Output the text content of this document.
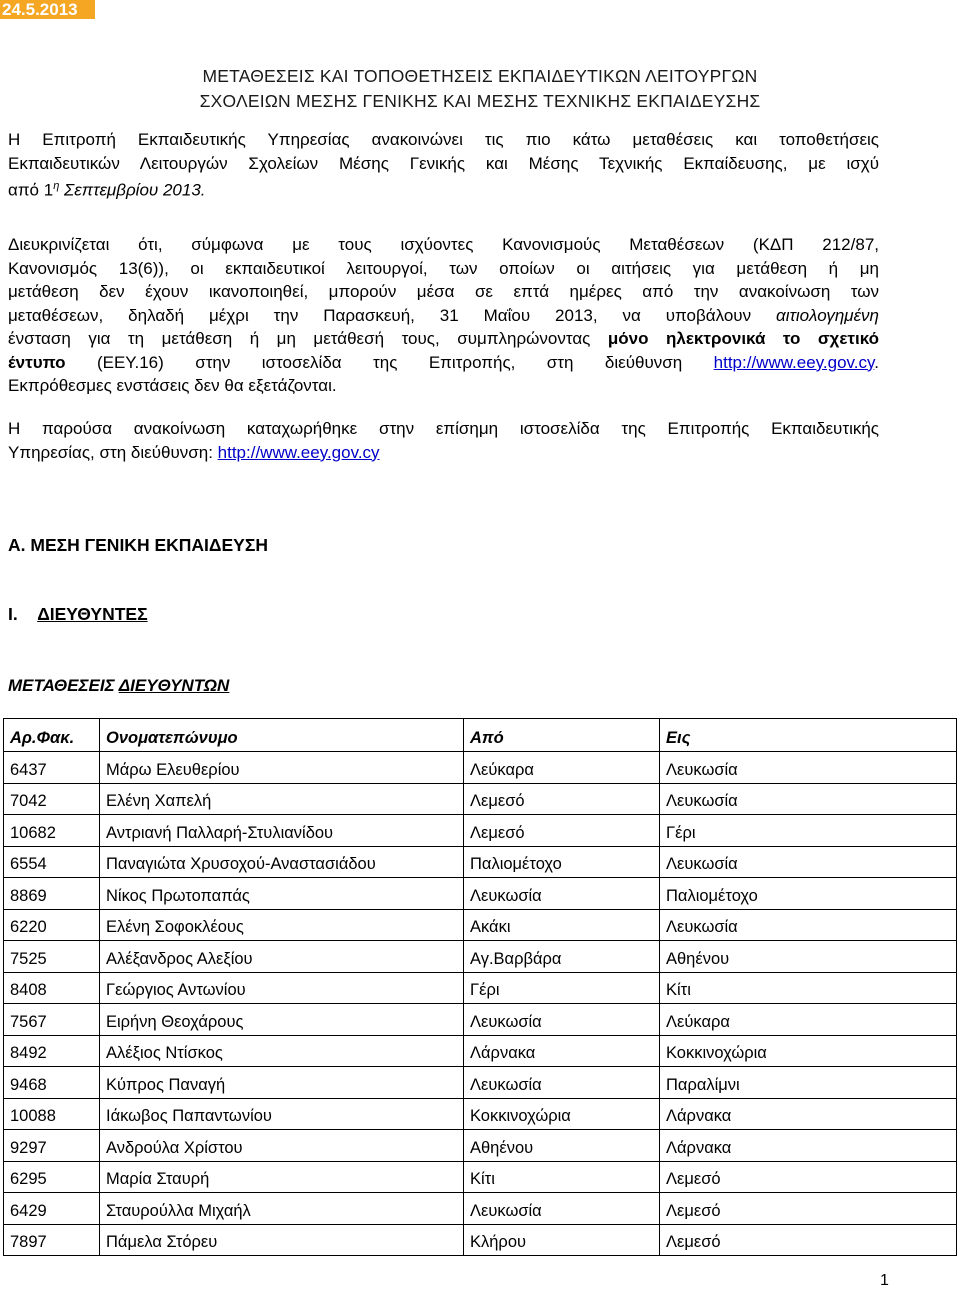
24.5.2013
ΜΕΤΑΘΕΣΕΙΣ ΚΑΙ ΤΟΠΟΘΕΤΗΣΕΙΣ ΕΚΠΑΙΔΕΥΤΙΚΩΝ ΛΕΙΤΟΥΡΓΩΝ
ΣΧΟΛΕΙΩΝ ΜΕΣΗΣ ΓΕΝΙΚΗΣ ΚΑΙ ΜΕΣΗΣ ΤΕΧΝΙΚΗΣ ΕΚΠΑΙΔΕΥΣΗΣ
Η Επιτροπή Εκπαιδευτικής Υπηρεσίας ανακοινώνει τις πιο κάτω μεταθέσεις και τοποθετήσεις
Εκπαιδευτικών Λειτουργών Σχολείων Μέσης Γενικής και Μέσης Τεχνικής Εκπαίδευσης, με ισχύ
από $1^\eta$ Σεπτεμβρίου 2013.
Διευκρινίζεται ότι, σύμφωνα με τους ισχύοντες Κανονισμούς Μεταθέσεων (ΚΔΠ 212/87,
Κανονισμός 13(6)), οι εκπαιδευτικοί λειτουργοί, των οποίων οι αιτήσεις για μετάθεση ή μη
μετάθεση δεν έχουν ικανοποιηθεί, μπορούν μέσα σε επτά ημέρες από την ανακοίνωση των
μεταθέσεων, δηλαδή μέχρι την Παρασκευή, 31 Μαΐου 2013, να υποβάλουν αιτιολογημένη
ένσταση για τη μετάθεση ή μη μετάθεσή τους, συμπληρώνοντας μόνο ηλεκτρονικά το σχετικό
έντυπο (ΕΕΥ.16) στην ιστοσελίδα της Επιτροπής, στη διεύθυνση http://www.eey.gov.cy.
Εκπρόθεσμες ενστάσεις δεν θα εξετάζονται.
Η παρούσα ανακοίνωση καταχωρήθηκε στην επίσημη ιστοσελίδα της Επιτροπής Εκπαιδευτικής
Υπηρεσίας, στη διεύθυνση: http://www.eey.gov.cy
Α. ΜΕΣΗ ΓΕΝΙΚΗ ΕΚΠΑΙΔΕΥΣΗ
Ι. ΔΙΕΥΘΥΝΤΕΣ
ΜΕΤΑΘΕΣΕΙΣ ΔΙΕΥΘΥΝΤΩΝ
Αρ.Φακ.	Ονοματεπώνυμο	Από	Εις
6437	Μάρω Ελευθερίου	Λεύκαρα	Λευκωσία
7042	Ελένη Χαπελή	Λεμεσό	Λευκωσία
10682	Αντριανή Παλλαρή-Στυλιανίδου	Λεμεσό	Γέρι
6554	Παναγιώτα Χρυσοχού-Αναστασιάδου	Παλιομέτοχο	Λευκωσία
8869	Νίκος Πρωτοπαπάς	Λευκωσία	Παλιομέτοχο
6220	Ελένη Σοφοκλέους	Ακάκι	Λευκωσία
7525	Αλέξανδρος Αλεξίου	Αγ.Βαρβάρα	Αθηένου
8408	Γεώργιος Αντωνίου	Γέρι	Κίτι
7567	Ειρήνη Θεοχάρους	Λευκωσία	Λεύκαρα
8492	Αλέξιος Ντίσκος	Λάρνακα	Κοκκινοχώρια
9468	Κύπρος Παναγή	Λευκωσία	Παραλίμνι
10088	Ιάκωβος Παπαντωνίου	Κοκκινοχώρια	Λάρνακα
9297	Ανδρούλα Χρίστου	Αθηένου	Λάρνακα
6295	Μαρία Σταυρή	Κίτι	Λεμεσό
6429	Σταυρούλλα Μιχαήλ	Λευκωσία	Λεμεσό
7897	Πάμελα Στόρευ	Κλήρου	Λεμεσό
1
